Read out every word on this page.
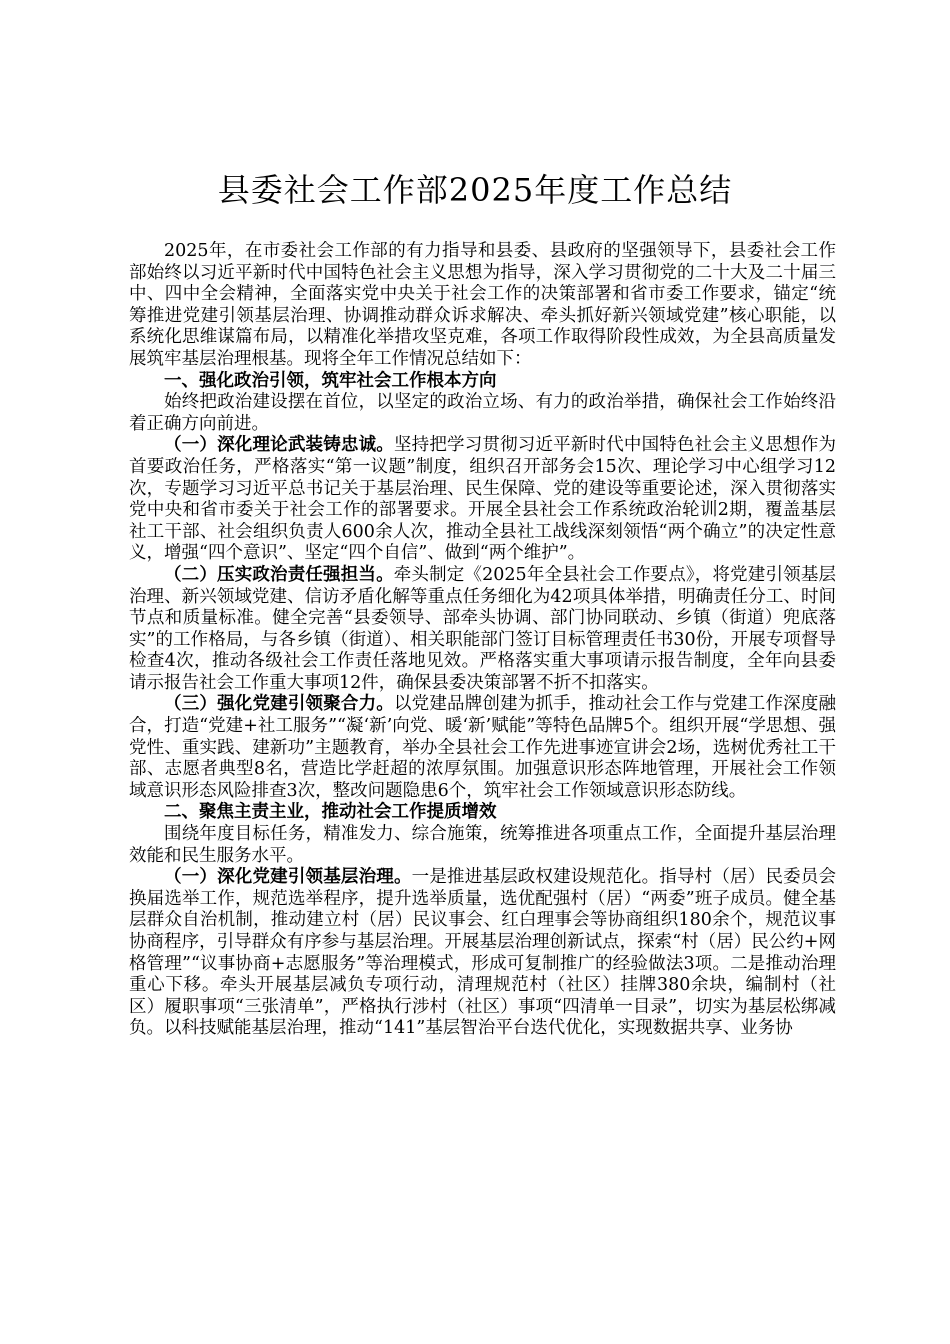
县委社会工作部2025年度工作总结

2025年，在市委社会工作部的有力指导和县委、县政府的坚强领导下，县委社会工作部始终以习近平新时代中国特色社会主义思想为指导，深入学习贯彻党的二十大及二十届三中、四中全会精神，全面落实党中央关于社会工作的决策部署和省市委工作要求，锚定“统筹推进党建引领基层治理、协调推动群众诉求解决、牵头抓好新兴领域党建”核心职能，以系统化思维谋篇布局，以精准化举措攻坚克难，各项工作取得阶段性成效，为全县高质量发展筑牢基层治理根基。现将全年工作情况总结如下：

一、强化政治引领，筑牢社会工作根本方向

始终把政治建设摆在首位，以坚定的政治立场、有力的政治举措，确保社会工作始终沿着正确方向前进。

（一）深化理论武装铸忠诚。坚持把学习贯彻习近平新时代中国特色社会主义思想作为首要政治任务，严格落实“第一议题”制度，组织召开部务会15次、理论学习中心组学习12次，专题学习习近平总书记关于基层治理、民生保障、党的建设等重要论述，深入贯彻落实党中央和省市委关于社会工作的部署要求。开展全县社会工作系统政治轮训2期，覆盖基层社工干部、社会组织负责人600余人次，推动全县社工战线深刻领悟“两个确立”的决定性意义，增强“四个意识”、坚定“四个自信”、做到“两个维护”。

（二）压实政治责任强担当。牵头制定《2025年全县社会工作要点》，将党建引领基层治理、新兴领域党建、信访矛盾化解等重点任务细化为42项具体举措，明确责任分工、时间节点和质量标准。健全完善“县委领导、部牵头协调、部门协同联动、乡镇（街道）兜底落实”的工作格局，与各乡镇（街道）、相关职能部门签订目标管理责任书30份，开展专项督导检查4次，推动各级社会工作责任落地见效。严格落实重大事项请示报告制度，全年向县委请示报告社会工作重大事项12件，确保县委决策部署不折不扣落实。

（三）强化党建引领聚合力。以党建品牌创建为抓手，推动社会工作与党建工作深度融合，打造“党建+社工服务”“凝‘新’向党、暖‘新’赋能”等特色品牌5个。组织开展“学思想、强党性、重实践、建新功”主题教育，举办全县社会工作先进事迹宣讲会2场，选树优秀社工干部、志愿者典型8名，营造比学赶超的浓厚氛围。加强意识形态阵地管理，开展社会工作领域意识形态风险排查3次，整改问题隐患6个，筑牢社会工作领域意识形态防线。

二、聚焦主责主业，推动社会工作提质增效

围绕年度目标任务，精准发力、综合施策，统筹推进各项重点工作，全面提升基层治理效能和民生服务水平。

（一）深化党建引领基层治理。一是推进基层政权建设规范化。指导村（居）民委员会换届选举工作，规范选举程序，提升选举质量，选优配强村（居）“两委”班子成员。健全基层群众自治机制，推动建立村（居）民议事会、红白理事会等协商组织180余个，规范议事协商程序，引导群众有序参与基层治理。开展基层治理创新试点，探索“村（居）民公约+网格管理”“议事协商+志愿服务”等治理模式，形成可复制推广的经验做法3项。二是推动治理重心下移。牵头开展基层减负专项行动，清理规范村（社区）挂牌380余块，编制村（社区）履职事项“三张清单”，严格执行涉村（社区）事项“四清单一目录”，切实为基层松绑减负。以科技赋能基层治理，推动“141”基层智治平台迭代优化，实现数据共享、业务协
